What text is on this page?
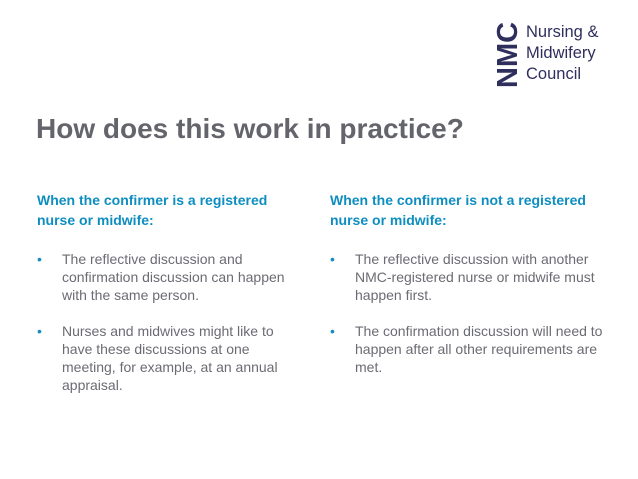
NMC Nursing &
Midwifery
Council
How does this work in practice?
When the confirmer is a registered nurse or midwife:
• The reflective discussion and confirmation discussion can happen with the same person.
• Nurses and midwives might like to have these discussions at one meeting, for example, at an annual appraisal.
When the confirmer is not a registered nurse or midwife:
• The reflective discussion with another NMC-registered nurse or midwife must happen first.
• The confirmation discussion will need to happen after all other requirements are met.
